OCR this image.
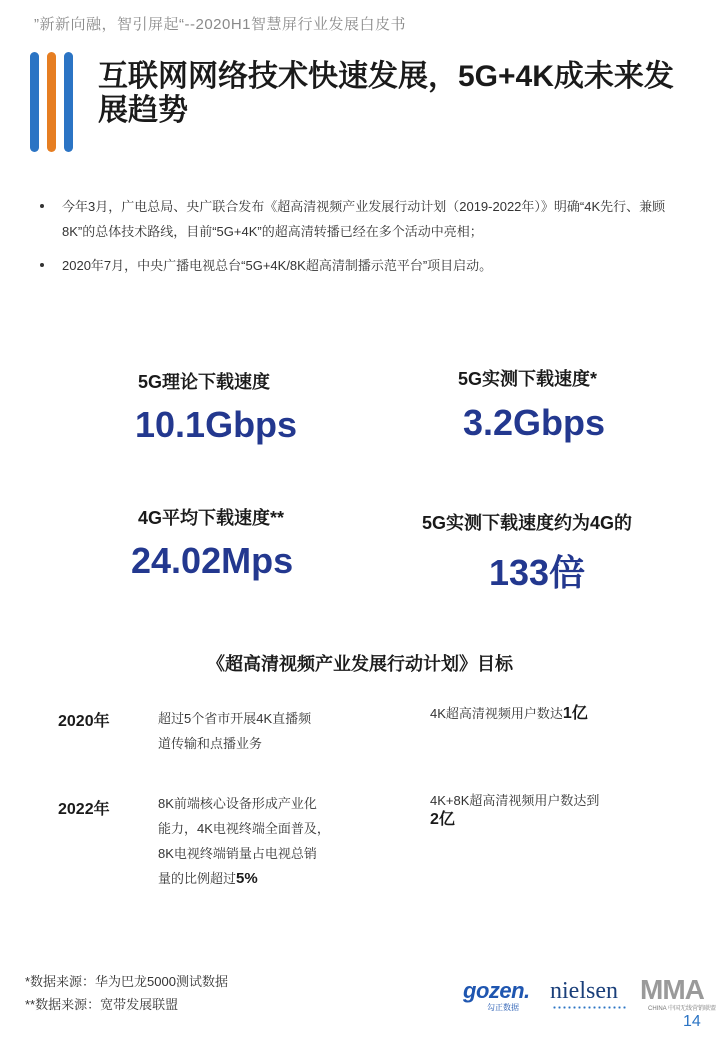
”新新向融，智引屏起“--2020H1智慧屏行业发展白皮书
互联网网络技术快速发展，5G+4K成未来发展趋势
今年3月，广电总局、央广联合发布《超高清视频产业发展行动计划（2019-2022年）》明确“4K先行、兼顾8K”的总体技术路线，目前“5G+4K”的超高清转播已经在多个活动中亮相；
2020年7月，中央广播电视总台“5G+4K/8K超高清制播示范平台”项目启动。
5G理论下载速度
10.1Gbps
5G实测下载速度*
3.2Gbps
4G平均下载速度**
24.02Mps
5G实测下载速度约为4G的
133倍
《超高清视频产业发展行动计划》目标
2020年	超过5个省市开展4K直播频
道传输和点播业务
4K超高清视频用户数达1亿
2022年	8K前端核心设备形成产业化
能力，4K电视终端全面普及，
8K电视终端销量占电视总销
量的比例超过5%
4K+8K超高清视频用户数达到2亿
*数据来源：华为巴龙5000测试数据
**数据来源：宽带发展联盟
gozen.
勾正数据
nielsen MMA
CHINA 中国无线营销联盟
14
